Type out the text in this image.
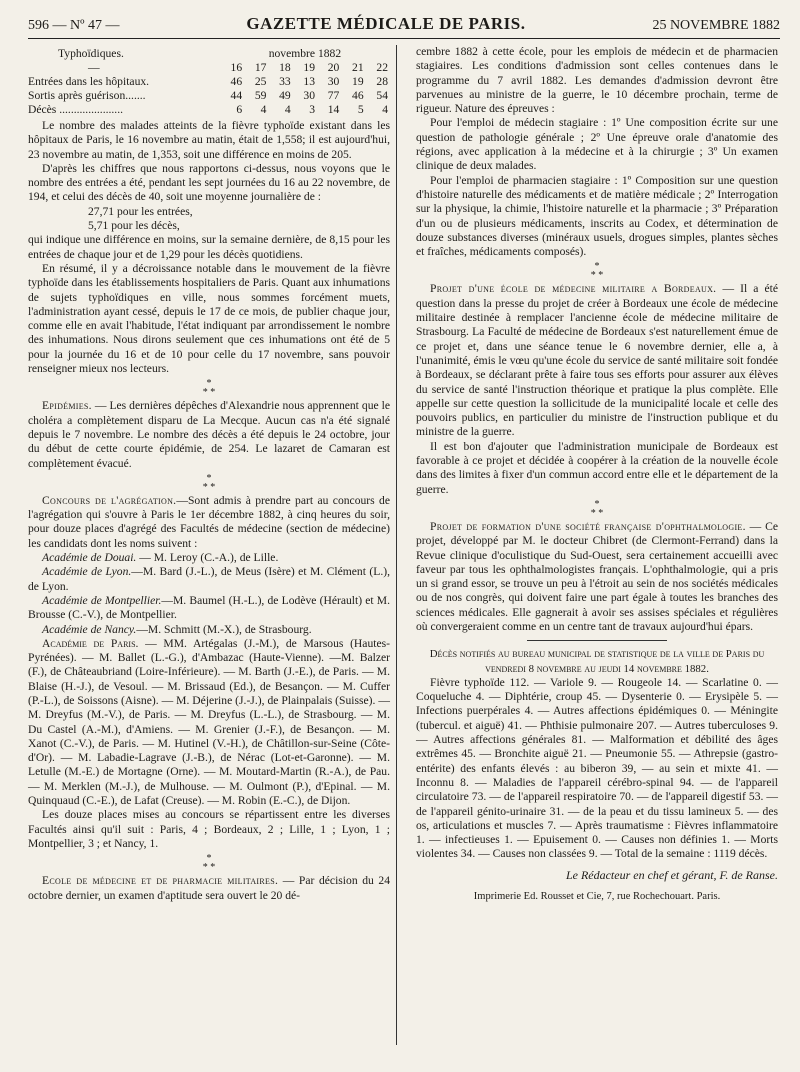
596 — Nº 47 —	GAZETTE MÉDICALE DE PARIS.	25 NOVEMBRE 1882
Typhoïdiques.	novembre 1882						
—	16	17	18	19	20	21	22
Entrées dans les hôpitaux.	46	25	33	13	30	19	28
Sortis après guérison.......	44	59	49	30	77	46	54
Décès ......................	6	4	4	3	14	5	4

Le nombre des malades atteints de la fièvre typhoïde existant dans les hôpitaux de Paris, le 16 novembre au matin, était de 1,558; il est aujourd'hui, 23 novembre au matin, de 1,353, soit une différence en moins de 205.

D'après les chiffres que nous rapportons ci-dessus, nous voyons que le nombre des entrées a été, pendant les sept journées du 16 au 22 novembre, de 194, et celui des décès de 40, soit une moyenne journalière de :

27,71 pour les entrées,

5,71 pour les décès,

qui indique une différence en moins, sur la semaine dernière, de 8,15 pour les entrées de chaque jour et de 1,29 pour les décès quotidiens.

En résumé, il y a décroissance notable dans le mouvement de la fièvre typhoïde dans les établissements hospitaliers de Paris. Quant aux inhumations de sujets typhoïdiques en ville, nous sommes forcément muets, l'administration ayant cessé, depuis le 17 de ce mois, de publier chaque jour, comme elle en avait l'habitude, l'état indiquant par arrondissement le nombre des inhumations. Nous dirons seulement que ces inhumations ont été de 5 pour la journée du 16 et de 10 pour celle du 17 novembre, sans pouvoir renseigner mieux nos lecteurs.

*
* *

Epidémies. — Les dernières dépêches d'Alexandrie nous apprennent que le choléra a complètement disparu de La Mecque. Aucun cas n'a été signalé depuis le 7 novembre. Le nombre des décès a été depuis le 24 octobre, jour du début de cette courte épidémie, de 254. Le lazaret de Camaran est complètement évacué.

*
* *

Concours de l'agrégation.—Sont admis à prendre part au concours de l'agrégation qui s'ouvre à Paris le 1er décembre 1882, à cinq heures du soir, pour douze places d'agrégé des Facultés de médecine (section de médecine) les candidats dont les noms suivent :

Académie de Douai. — M. Leroy (C.-A.), de Lille.

Académie de Lyon.—M. Bard (J.-L.), de Meus (Isère) et M. Clément (L.), de Lyon.

Académie de Montpellier.—M. Baumel (H.-L.), de Lodève (Hérault) et M. Brousse (C.-V.), de Montpellier.

Académie de Nancy.—M. Schmitt (M.-X.), de Strasbourg.

Académie de Paris. — MM. Artégalas (J.-M.), de Marsous (Hautes-Pyrénées). — M. Ballet (L.-G.), d'Ambazac (Haute-Vienne). —M. Balzer (F.), de Châteaubriand (Loire-Inférieure). — M. Barth (J.-E.), de Paris. — M. Blaise (H.-J.), de Vesoul. — M. Brissaud (Ed.), de Besançon. — M. Cuffer (P.-L.), de Soissons (Aisne). — M. Déjerine (J.-J.), de Plainpalais (Suisse). — M. Dreyfus (M.-V.), de Paris. — M. Dreyfus (L.-L.), de Strasbourg. — M. Du Castel (A.-M.), d'Amiens. — M. Grenier (J.-F.), de Besançon. — M. Xanot (C.-V.), de Paris. — M. Hutinel (V.-H.), de Châtillon-sur-Seine (Côte-d'Or). — M. Labadie-Lagrave (J.-B.), de Nérac (Lot-et-Garonne). — M. Letulle (M.-E.) de Mortagne (Orne). — M. Moutard-Martin (R.-A.), de Pau. — M. Merklen (M.-J.), de Mulhouse. — M. Oulmont (P.), d'Epinal. — M. Quinquaud (C.-E.), de Lafat (Creuse). — M. Robin (E.-C.), de Dijon.

Les douze places mises au concours se répartissent entre les diverses Facultés ainsi qu'il suit : Paris, 4 ; Bordeaux, 2 ; Lille, 1 ; Lyon, 1 ; Montpellier, 3 ; et Nancy, 1.

*
* *

Ecole de médecine et de pharmacie militaires. — Par décision du 24 octobre dernier, un examen d'aptitude sera ouvert le 20 dé-

cembre 1882 à cette école, pour les emplois de médecin et de pharmacien stagiaires. Les conditions d'admission sont celles contenues dans le programme du 7 avril 1882. Les demandes d'admission devront être parvenues au ministre de la guerre, le 10 décembre prochain, terme de rigueur. Nature des épreuves :

Pour l'emploi de médecin stagiaire : 1º Une composition écrite sur une question de pathologie générale ; 2º Une épreuve orale d'anatomie des régions, avec application à la médecine et à la chirurgie ; 3º Un examen clinique de deux malades.

Pour l'emploi de pharmacien stagiaire : 1º Composition sur une question d'histoire naturelle des médicaments et de matière médicale ; 2º Interrogation sur la physique, la chimie, l'histoire naturelle et la pharmacie ; 3º Préparation d'un ou de plusieurs médicaments, inscrits au Codex, et détermination de douze substances diverses (minéraux usuels, drogues simples, plantes sèches et fraîches, médicaments composés).

*
* *

Projet d'une école de médecine militaire a Bordeaux. — Il a été question dans la presse du projet de créer à Bordeaux une école de médecine militaire destinée à remplacer l'ancienne école de médecine militaire de Strasbourg. La Faculté de médecine de Bordeaux s'est naturellement émue de ce projet et, dans une séance tenue le 6 novembre dernier, elle a, à l'unanimité, émis le vœu qu'une école du service de santé militaire soit fondée à Bordeaux, se déclarant prête à faire tous ses efforts pour assurer aux élèves du service de santé l'instruction théorique et pratique la plus complète. Elle appelle sur cette question la sollicitude de la municipalité locale et celle des pouvoirs publics, en particulier du ministre de l'instruction publique et du ministre de la guerre.

Il est bon d'ajouter que l'administration municipale de Bordeaux est favorable à ce projet et décidée à coopérer à la création de la nouvelle école dans des limites à fixer d'un commun accord entre elle et le département de la guerre.

*
* *

Projet de formation d'une société française d'ophthalmologie. — Ce projet, développé par M. le docteur Chibret (de Clermont-Ferrand) dans la Revue clinique d'oculistique du Sud-Ouest, sera certainement accueilli avec faveur par tous les ophthalmologistes français. L'ophthalmologie, qui a pris un si grand essor, se trouve un peu à l'étroit au sein de nos sociétés médicales ou de nos congrès, qui doivent faire une part égale à toutes les branches des sciences médicales. Elle gagnerait à avoir ses assises spéciales et régulières où convergeraient comme en un centre tant de travaux aujourd'hui épars.

Décès notifiés au bureau municipal de statistique de la ville de Paris du vendredi 8 novembre au jeudi 14 novembre 1882.

Fièvre typhoïde 112. — Variole 9. — Rougeole 14. — Scarlatine 0. — Coqueluche 4. — Diphtérie, croup 45. — Dysenterie 0. — Erysipèle 5. — Infections puerpérales 4. — Autres affections épidémiques 0. — Méningite (tubercul. et aiguë) 41. — Phthisie pulmonaire 207. — Autres tuberculoses 9. — Autres affections générales 81. — Malformation et débilité des âges extrêmes 45. — Bronchite aiguë 21. — Pneumonie 55. — Athrepsie (gastro-entérite) des enfants élevés : au biberon 39, — au sein et mixte 41. — Inconnu 8. — Maladies de l'appareil cérébro-spinal 94. — de l'appareil circulatoire 73. — de l'appareil respiratoire 70. — de l'appareil digestif 53. — de l'appareil génito-urinaire 31. — de la peau et du tissu lamineux 5. — des os, articulations et muscles 7. — Après traumatisme : Fièvres inflammatoire 1. — infectieuses 1. — Epuisement 0. — Causes non définies 1. — Morts violentes 34. — Causes non classées 9. — Total de la semaine : 1119 décès.

Le Rédacteur en chef et gérant, F. de Ranse.

Imprimerie Ed. Rousset et Cie, 7, rue Rochechouart. Paris.
